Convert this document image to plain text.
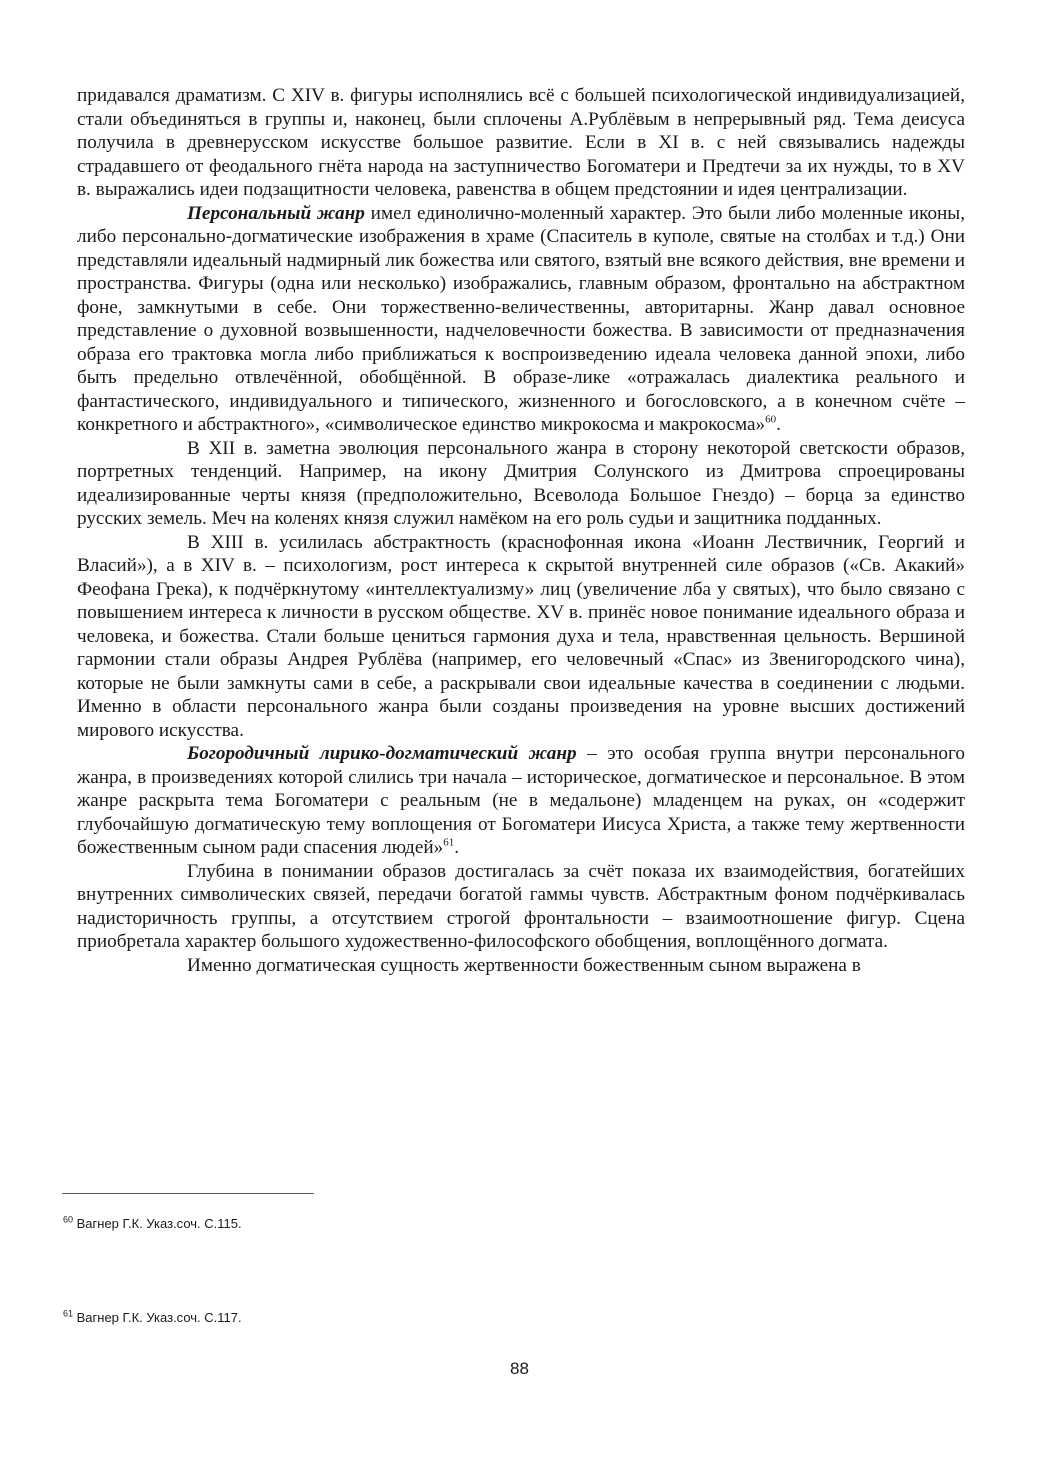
придавался драматизм. С XIV в. фигуры исполнялись всё с большей психологической индивидуализацией, стали объединяться в группы и, наконец, были сплочены А.Рублёвым в непрерывный ряд. Тема деисуса получила в древнерусском искусстве большое развитие. Если в XI в. с ней связывались надежды страдавшего от феодального гнёта народа на заступничество Богоматери и Предтечи за их нужды, то в XV в. выражались идеи подзащитности человека, равенства в общем предстоянии и идея централизации.

Персональный жанр имел единолично-моленный характер. Это были либо моленные иконы, либо персонально-догматические изображения в храме (Спаситель в куполе, святые на столбах и т.д.) Они представляли идеальный надмирный лик божества или святого, взятый вне всякого действия, вне времени и пространства. Фигуры (одна или несколько) изображались, главным образом, фронтально на абстрактном фоне, замкнутыми в себе. Они торжественно-величественны, авторитарны. Жанр давал основное представление о духовной возвышенности, надчеловечности божества. В зависимости от предназначения образа его трактовка могла либо приближаться к воспроизведению идеала человека данной эпохи, либо быть предельно отвлечённой, обобщённой. В образе-лике «отражалась диалектика реального и фантастического, индивидуального и типического, жизненного и богословского, а в конечном счёте – конкретного и абстрактного», «символическое единство микрокосма и макрокосма»$^{60}$.

В XII в. заметна эволюция персонального жанра в сторону некоторой светскости образов, портретных тенденций. Например, на икону Дмитрия Солунского из Дмитрова спроецированы идеализированные черты князя (предположительно, Всеволода Большое Гнездо) – борца за единство русских земель. Меч на коленях князя служил намёком на его роль судьи и защитника подданных.

В XIII в. усилилась абстрактность (краснофонная икона «Иоанн Лествичник, Георгий и Власий»), а в XIV в. – психологизм, рост интереса к скрытой внутренней силе образов («Св. Акакий» Феофана Грека), к подчёркнутому «интеллектуализму» лиц (увеличение лба у святых), что было связано с повышением интереса к личности в русском обществе. XV в. принёс новое понимание идеального образа и человека, и божества. Стали больше цениться гармония духа и тела, нравственная цельность. Вершиной гармонии стали образы Андрея Рублёва (например, его человечный «Спас» из Звенигородского чина), которые не были замкнуты сами в себе, а раскрывали свои идеальные качества в соединении с людьми. Именно в области персонального жанра были созданы произведения на уровне высших достижений мирового искусства.

Богородичный лирико-догматический жанр – это особая группа внутри персонального жанра, в произведениях которой слились три начала – историческое, догматическое и персональное. В этом жанре раскрыта тема Богоматери с реальным (не в медальоне) младенцем на руках, он «содержит глубочайшую догматическую тему воплощения от Богоматери Иисуса Христа, а также тему жертвенности божественным сыном ради спасения людей»$^{61}$.

Глубина в понимании образов достигалась за счёт показа их взаимодействия, богатейших внутренних символических связей, передачи богатой гаммы чувств. Абстрактным фоном подчёркивалась надисторичность группы, а отсутствием строгой фронтальности – взаимоотношение фигур. Сцена приобретала характер большого художественно-философского обобщения, воплощённого догмата.

Именно догматическая сущность жертвенности божественным сыном выражена в

$^{60}$ Вагнер Г.К. Указ.соч. С.115.
$^{61}$ Вагнер Г.К. Указ.соч. С.117.
88
